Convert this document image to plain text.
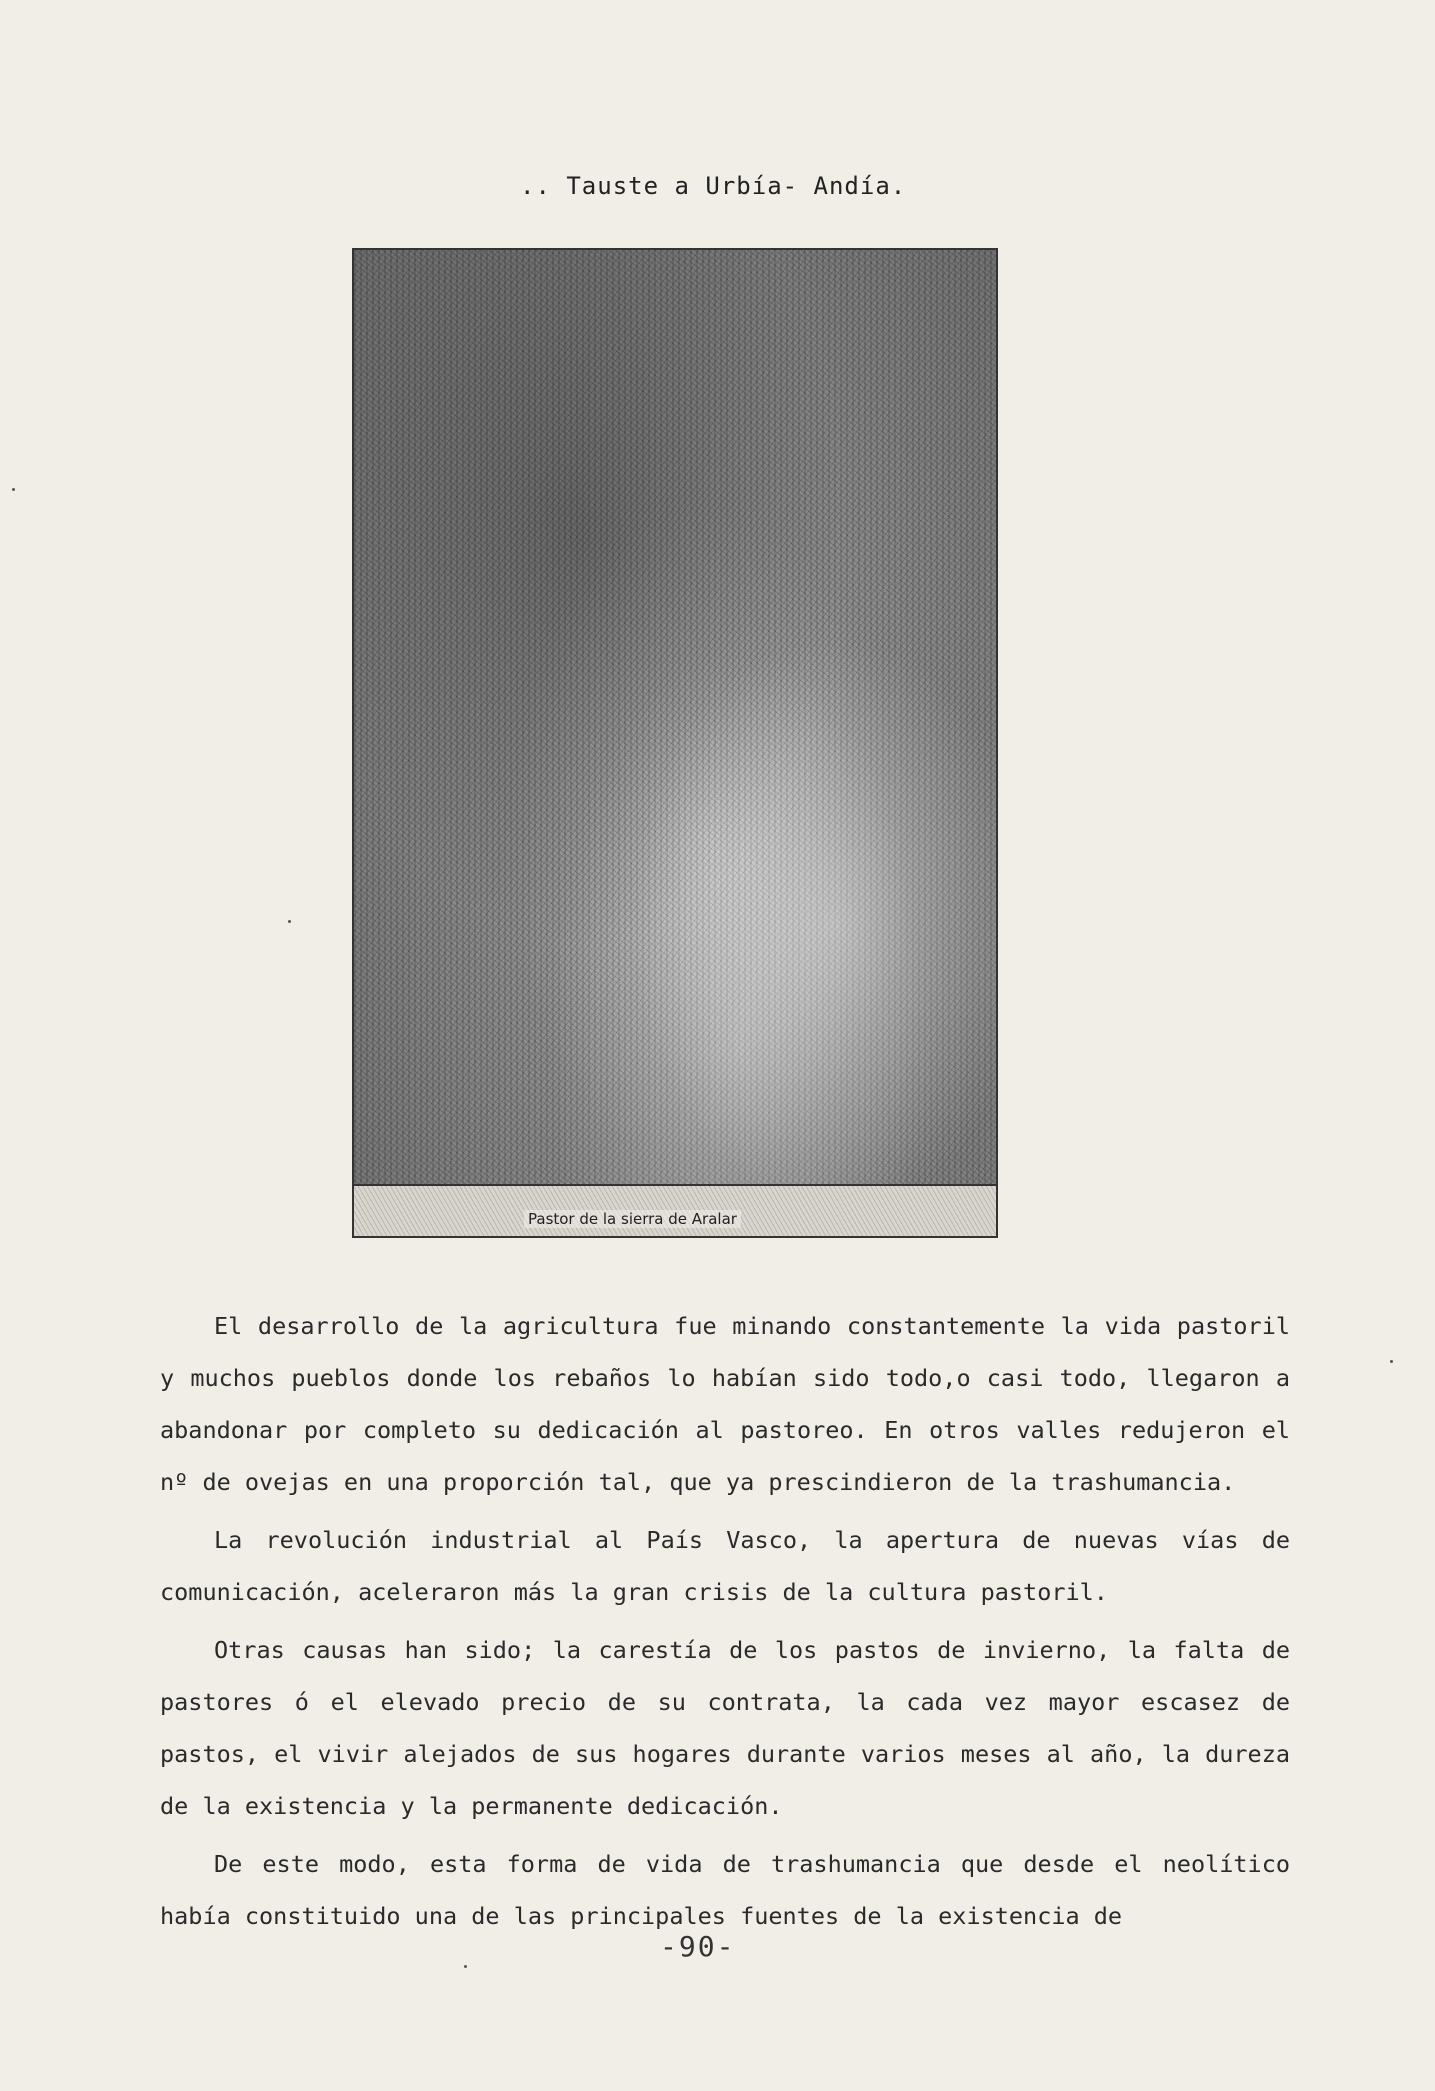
.. Tauste a Urbía- Andía.
Pastor de la sierra de Aralar

El desarrollo de la agricultura fue minando constantemente la vida pastoril y muchos pueblos donde los rebaños lo habían sido todo,o casi todo, llegaron a abandonar por completo su dedicación al pastoreo. En otros valles redujeron el nº de ovejas en una proporción tal, que ya prescindieron de la trashumancia.

La revolución industrial al País Vasco, la apertura de nuevas vías de comunicación, aceleraron más la gran crisis de la cultura pastoril.

Otras causas han sido; la carestía de los pastos de invierno, la falta de pastores ó el elevado precio de su contrata, la cada vez mayor escasez de pastos, el vivir alejados de sus hogares durante varios meses al año, la dureza de la existencia y la permanente dedicación.

De este modo, esta forma de vida de trashumancia que desde el neolítico había constituido una de las principales fuentes de la existencia de

-90-
